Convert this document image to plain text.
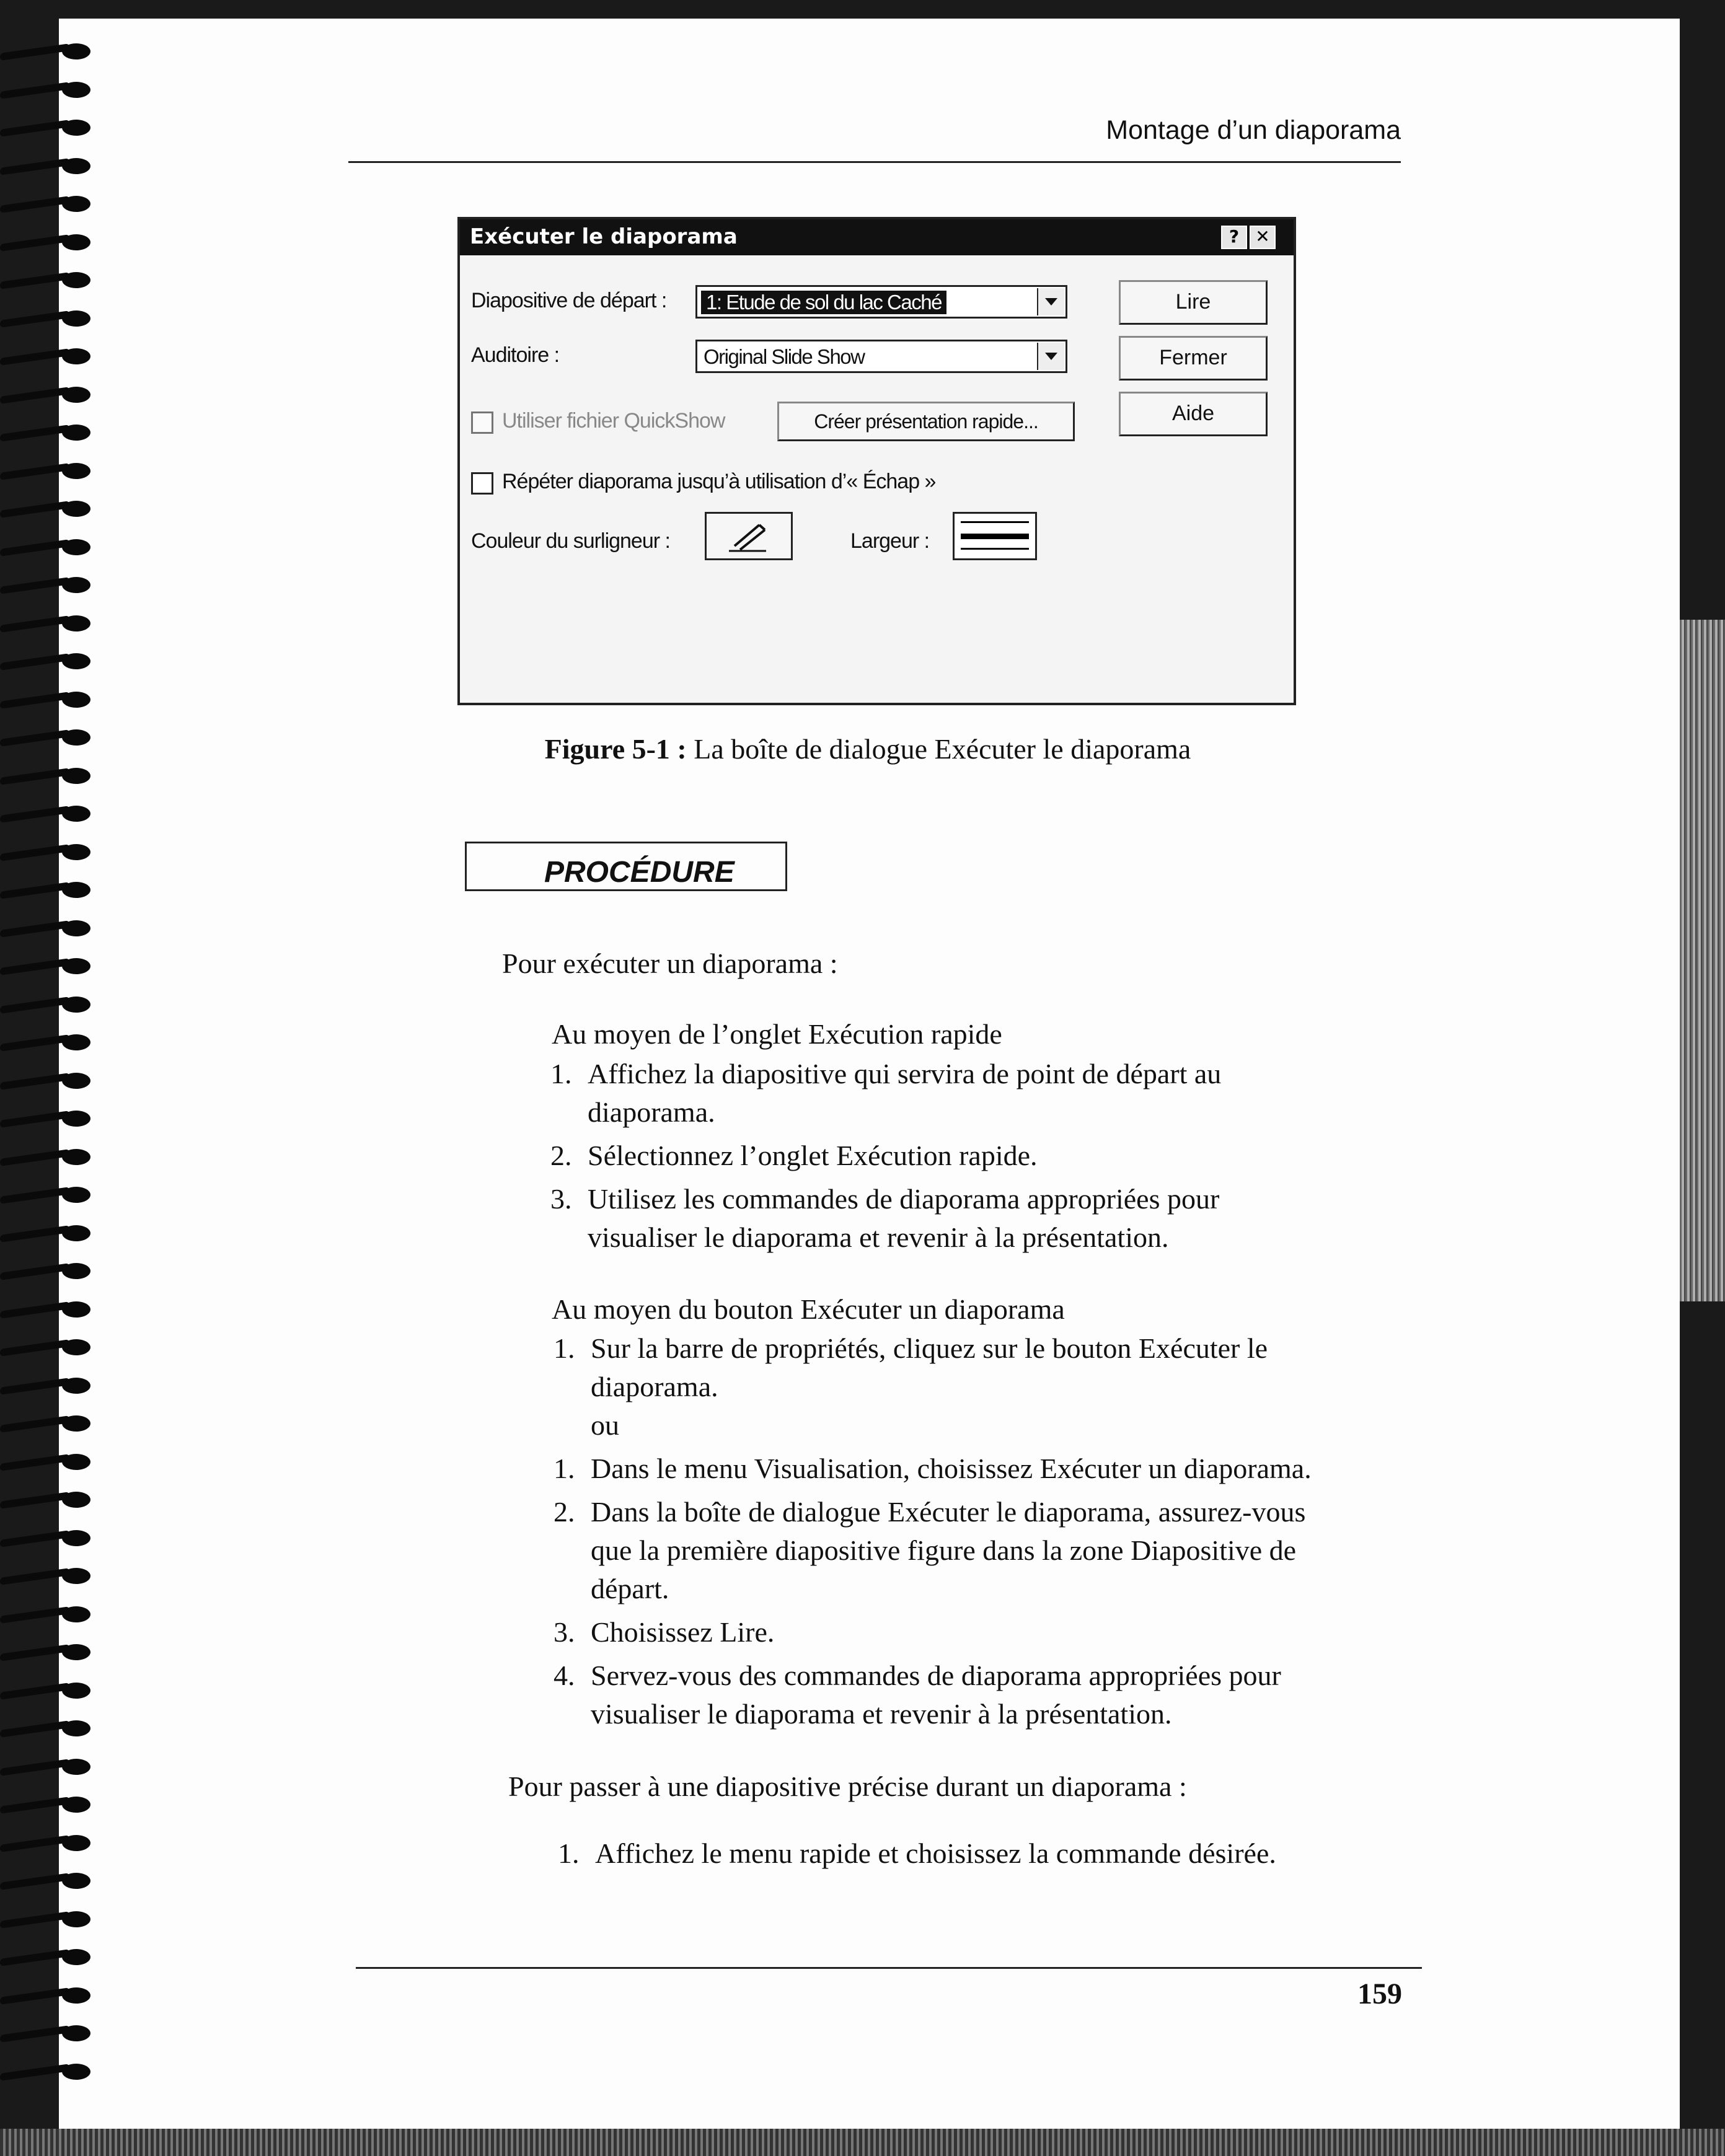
Montage d’un diaporama
Exécuter le diaporama	? ✕
Diapositive de départ : 1: Etude de sol du lac Caché
Auditoire :	Original Slide Show
Utiliser fichier QuickShow	Créer présentation rapide...
Répéter diaporama jusqu’à utilisation d’« Échap »
Couleur du surligneur :	Largeur :
Lire
Fermer
Aide
Figure 5-1 : La boîte de dialogue Exécuter le diaporama
PROCÉDURE
Pour exécuter un diaporama :
Au moyen de l’onglet Exécution rapide
1. Affichez la diapositive qui servira de point de départ au
diaporama.
2. Sélectionnez l’onglet Exécution rapide.
3. Utilisez les commandes de diaporama appropriées pour
visualiser le diaporama et revenir à la présentation.
Au moyen du bouton Exécuter un diaporama
1. Sur la barre de propriétés, cliquez sur le bouton Exécuter le
diaporama.
ou
1. Dans le menu Visualisation, choisissez Exécuter un diaporama.
2. Dans la boîte de dialogue Exécuter le diaporama, assurez-vous
que la première diapositive figure dans la zone Diapositive de
départ.
3. Choisissez Lire.
4. Servez-vous des commandes de diaporama appropriées pour
visualiser le diaporama et revenir à la présentation.
Pour passer à une diapositive précise durant un diaporama :
1. Affichez le menu rapide et choisissez la commande désirée.
159
